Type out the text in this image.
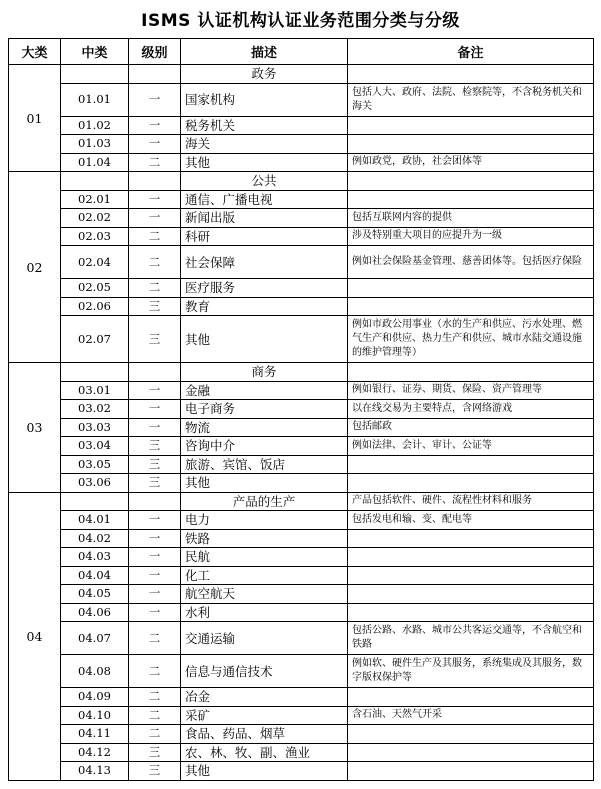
ISMS 认证机构认证业务范围分类与分级
大类	中类	级别	描述	备注
01			政务	
	01.01	一	国家机构	包括人大、政府、法院、检察院等，不含税务机关和海关
	01.02	一	税务机关	
	01.03	一	海关	
	01.04	二	其他	例如政党，政协，社会团体等
02			公共	
	02.01	一	通信、广播电视	
	02.02	一	新闻出版	包括互联网内容的提供
	02.03	二	科研	涉及特别重大项目的应提升为一级
	02.04	二	社会保障	例如社会保险基金管理、慈善团体等。包括医疗保险
	02.05	二	医疗服务	
	02.06	三	教育	
	02.07	三	其他	例如市政公用事业（水的生产和供应、污水处理、燃气生产和供应、热力生产和供应、城市水陆交通设施的维护管理等）
03			商务	
	03.01	一	金融	例如银行、证券、期货、保险、资产管理等
	03.02	一	电子商务	以在线交易为主要特点，含网络游戏
	03.03	一	物流	包括邮政
	03.04	三	咨询中介	例如法律、会计、审计、公证等
	03.05	三	旅游、宾馆、饭店	
	03.06	三	其他	
04			产品的生产	产品包括软件、硬件、流程性材料和服务
	04.01	一	电力	包括发电和输、变、配电等
	04.02	一	铁路	
	04.03	一	民航	
	04.04	一	化工	
	04.05	一	航空航天	
	04.06	一	水利	
	04.07	二	交通运输	包括公路、水路、城市公共客运交通等，不含航空和铁路
	04.08	二	信息与通信技术	例如软、硬件生产及其服务，系统集成及其服务，数字版权保护等
	04.09	二	冶金	
	04.10	二	采矿	含石油、天然气开采
	04.11	二	食品、药品、烟草	
	04.12	三	农、林、牧、副、渔业	
	04.13	三	其他	
